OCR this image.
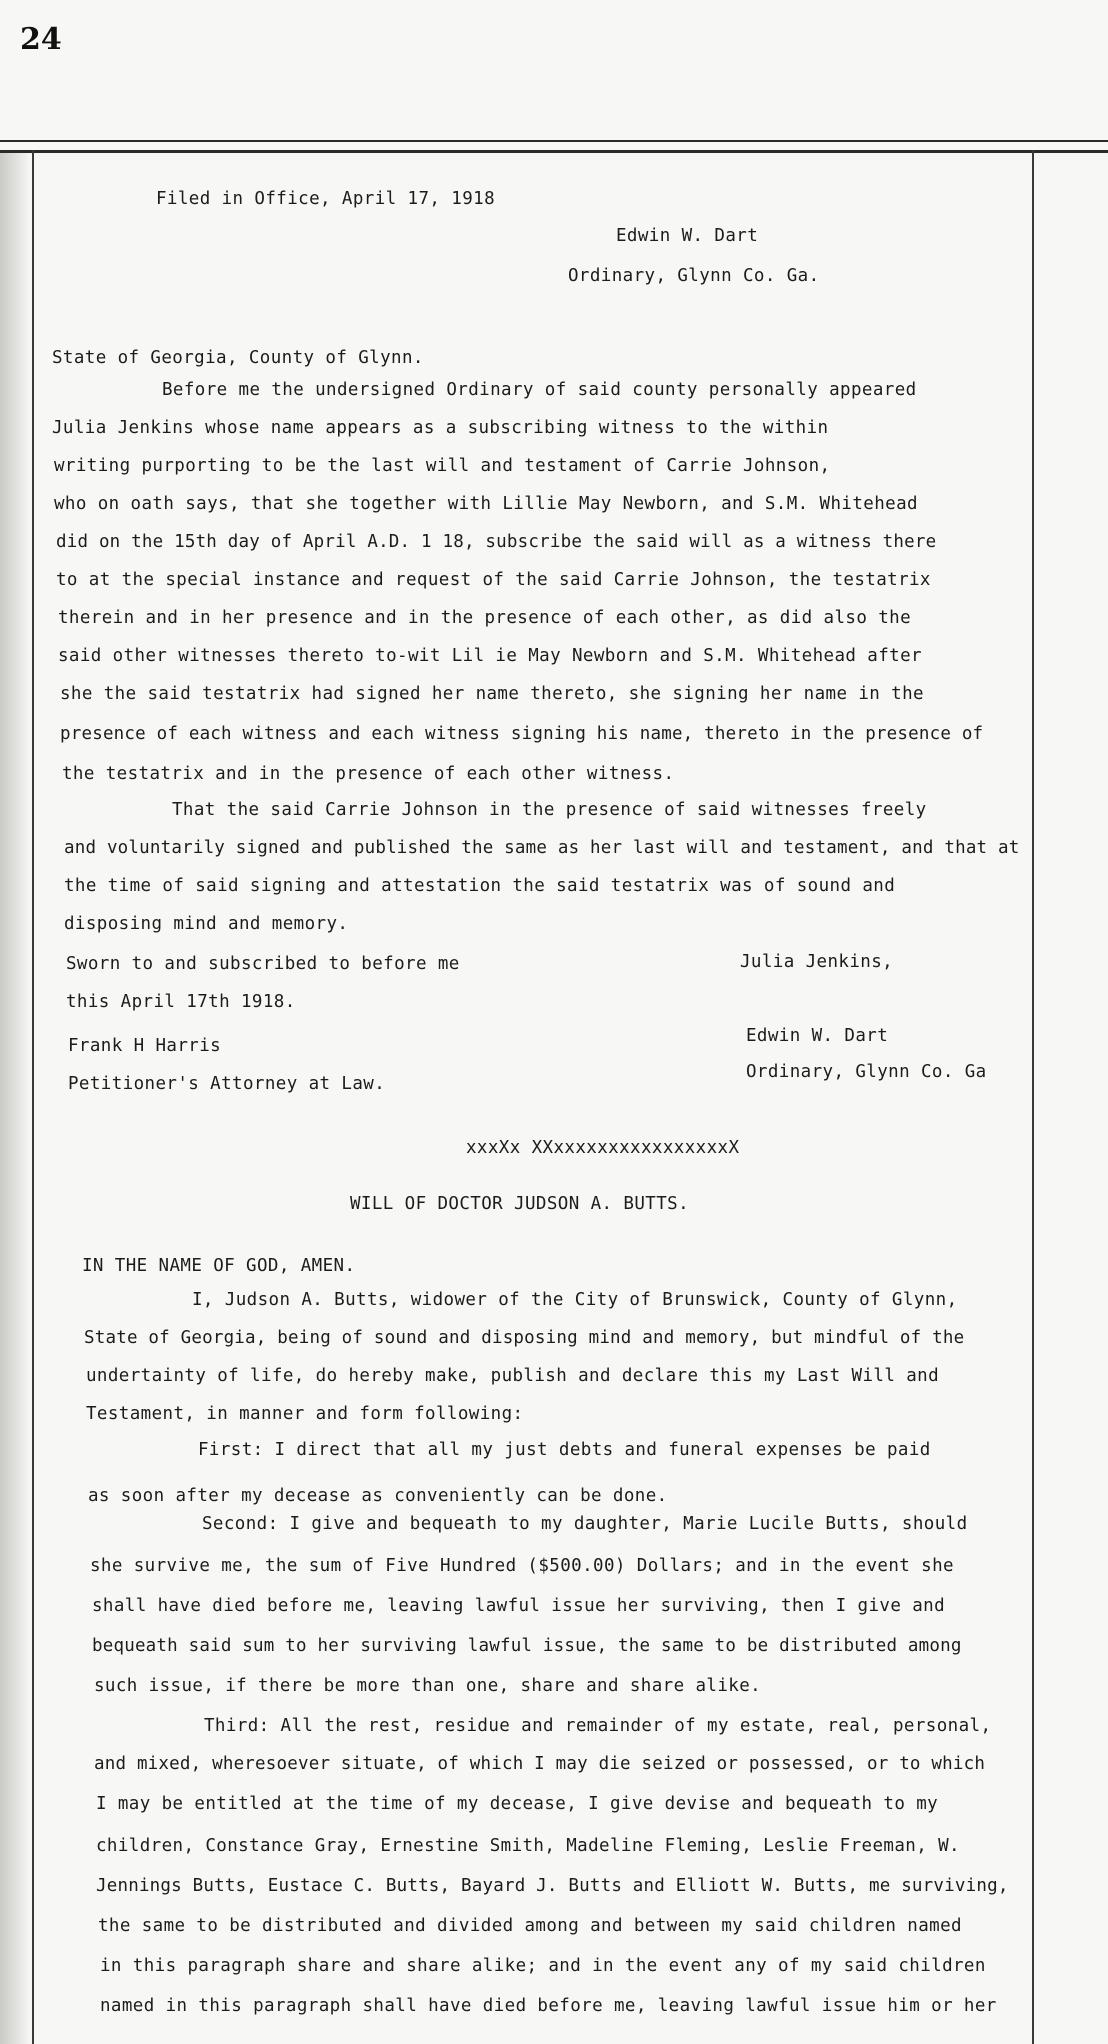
24
Filed in Office, April 17, 1918
Edwin W. Dart
Ordinary, Glynn Co. Ga.
State of Georgia, County of Glynn.
Before me the undersigned Ordinary of said county personally appeared
Julia Jenkins whose name appears as a subscribing witness to the within
writing purporting to be the last will and testament of Carrie Johnson,
who on oath says, that she together with Lillie May Newborn, and S.M. Whitehead
did on the 15th day of April A.D. 1 18, subscribe the said will as a witness there
to at the special instance and request of the said Carrie Johnson, the testatrix
therein and in her presence and in the presence of each other, as did also the
said other witnesses thereto to-wit Lil ie May Newborn and S.M. Whitehead after
she the said testatrix had signed her name thereto, she signing her name in the
presence of each witness and each witness signing his name, thereto in the presence of
the testatrix and in the presence of each other witness.
That the said Carrie Johnson in the presence of said witnesses freely
and voluntarily signed and published the same as her last will and testament, and that at
the time of said signing and attestation the said testatrix was of sound and
disposing mind and memory.
Sworn to and subscribed to before me	Julia Jenkins,
this April 17th 1918.
Frank H Harris	Edwin W. Dart
Petitioner's Attorney at Law.
Ordinary, Glynn Co. Ga
xxxXx XXxxxxxxxxxxxxxxxxX
WILL OF DOCTOR JUDSON A. BUTTS.
IN THE NAME OF GOD, AMEN.
I, Judson A. Butts, widower of the City of Brunswick, County of Glynn,
State of Georgia, being of sound and disposing mind and memory, but mindful of the
undertainty of life, do hereby make, publish and declare this my Last Will and
Testament, in manner and form following:
First: I direct that all my just debts and funeral expenses be paid
as soon after my decease as conveniently can be done.
Second: I give and bequeath to my daughter, Marie Lucile Butts, should
she survive me, the sum of Five Hundred ($500.00) Dollars; and in the event she
shall have died before me, leaving lawful issue her surviving, then I give and
bequeath said sum to her surviving lawful issue, the same to be distributed among
such issue, if there be more than one, share and share alike.
Third: All the rest, residue and remainder of my estate, real, personal,
and mixed, wheresoever situate, of which I may die seized or possessed, or to which
I may be entitled at the time of my decease, I give devise and bequeath to my
children, Constance Gray, Ernestine Smith, Madeline Fleming, Leslie Freeman, W.
Jennings Butts, Eustace C. Butts, Bayard J. Butts and Elliott W. Butts, me surviving,
the same to be distributed and divided among and between my said children named
in this paragraph share and share alike; and in the event any of my said children
named in this paragraph shall have died before me, leaving lawful issue him or her
